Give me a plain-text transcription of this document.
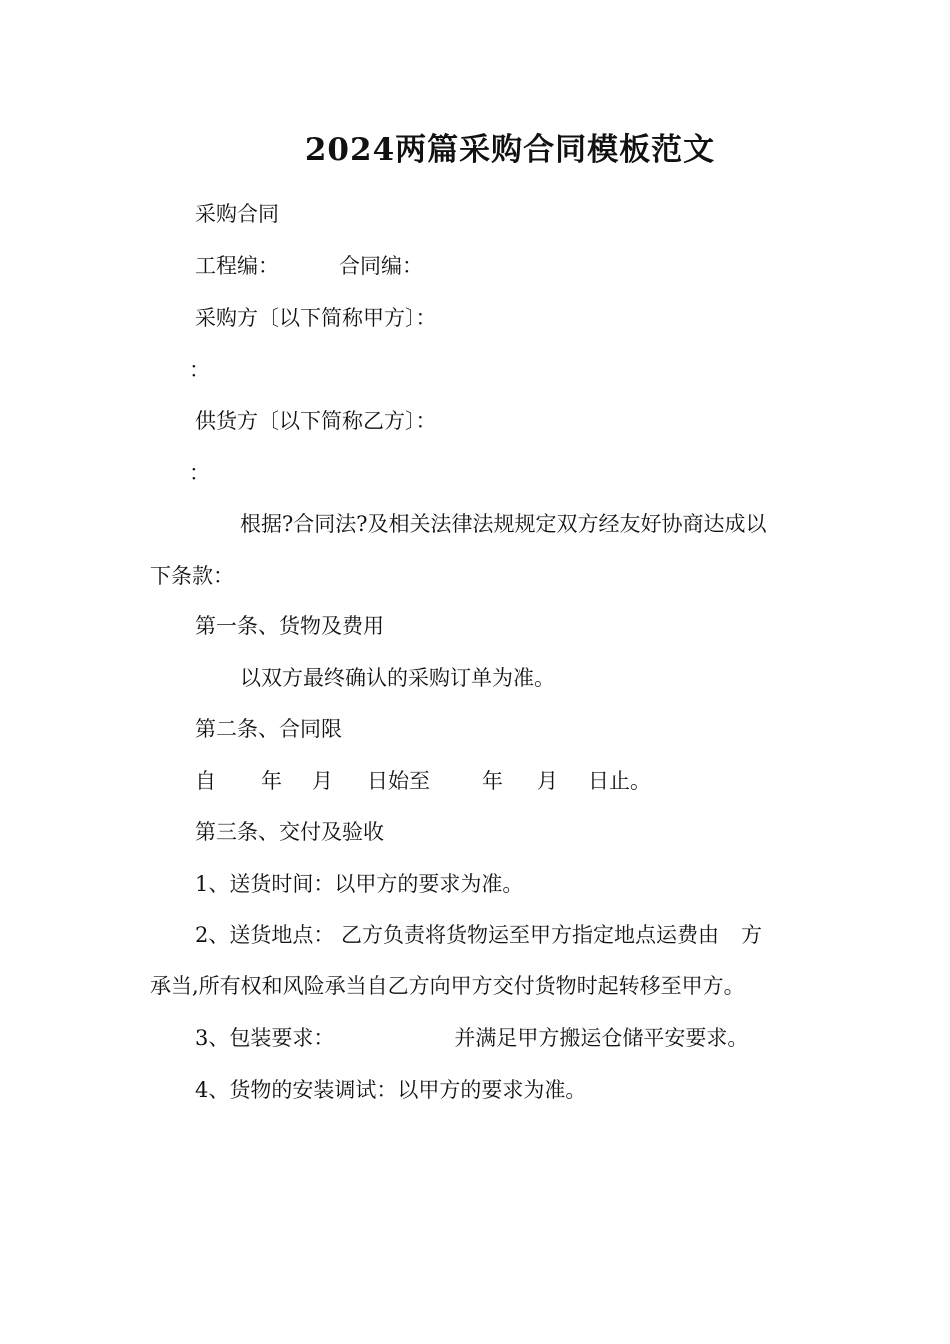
2024两篇采购合同模板范文
采购合同
工程编：	合同编：
采购方〔以下简称甲方〕：
：
供货方〔以下简称乙方〕：
：
根据?合同法?及相关法律法规规定双方经友好协商达成以
下条款：
第一条、货物及费用
以双方最终确认的采购订单为准。
第二条、合同限
自 年 月 日始至 年 月 日止。
第三条、交付及验收
1、送货时间：以甲方的要求为准。
2、送货地点： 乙方负责将货物运至甲方指定地点运费由 方
承当,所有权和风险承当自乙方向甲方交付货物时起转移至甲方。
3、包装要求：	并满足甲方搬运仓储平安要求。
4、货物的安装调试：以甲方的要求为准。
